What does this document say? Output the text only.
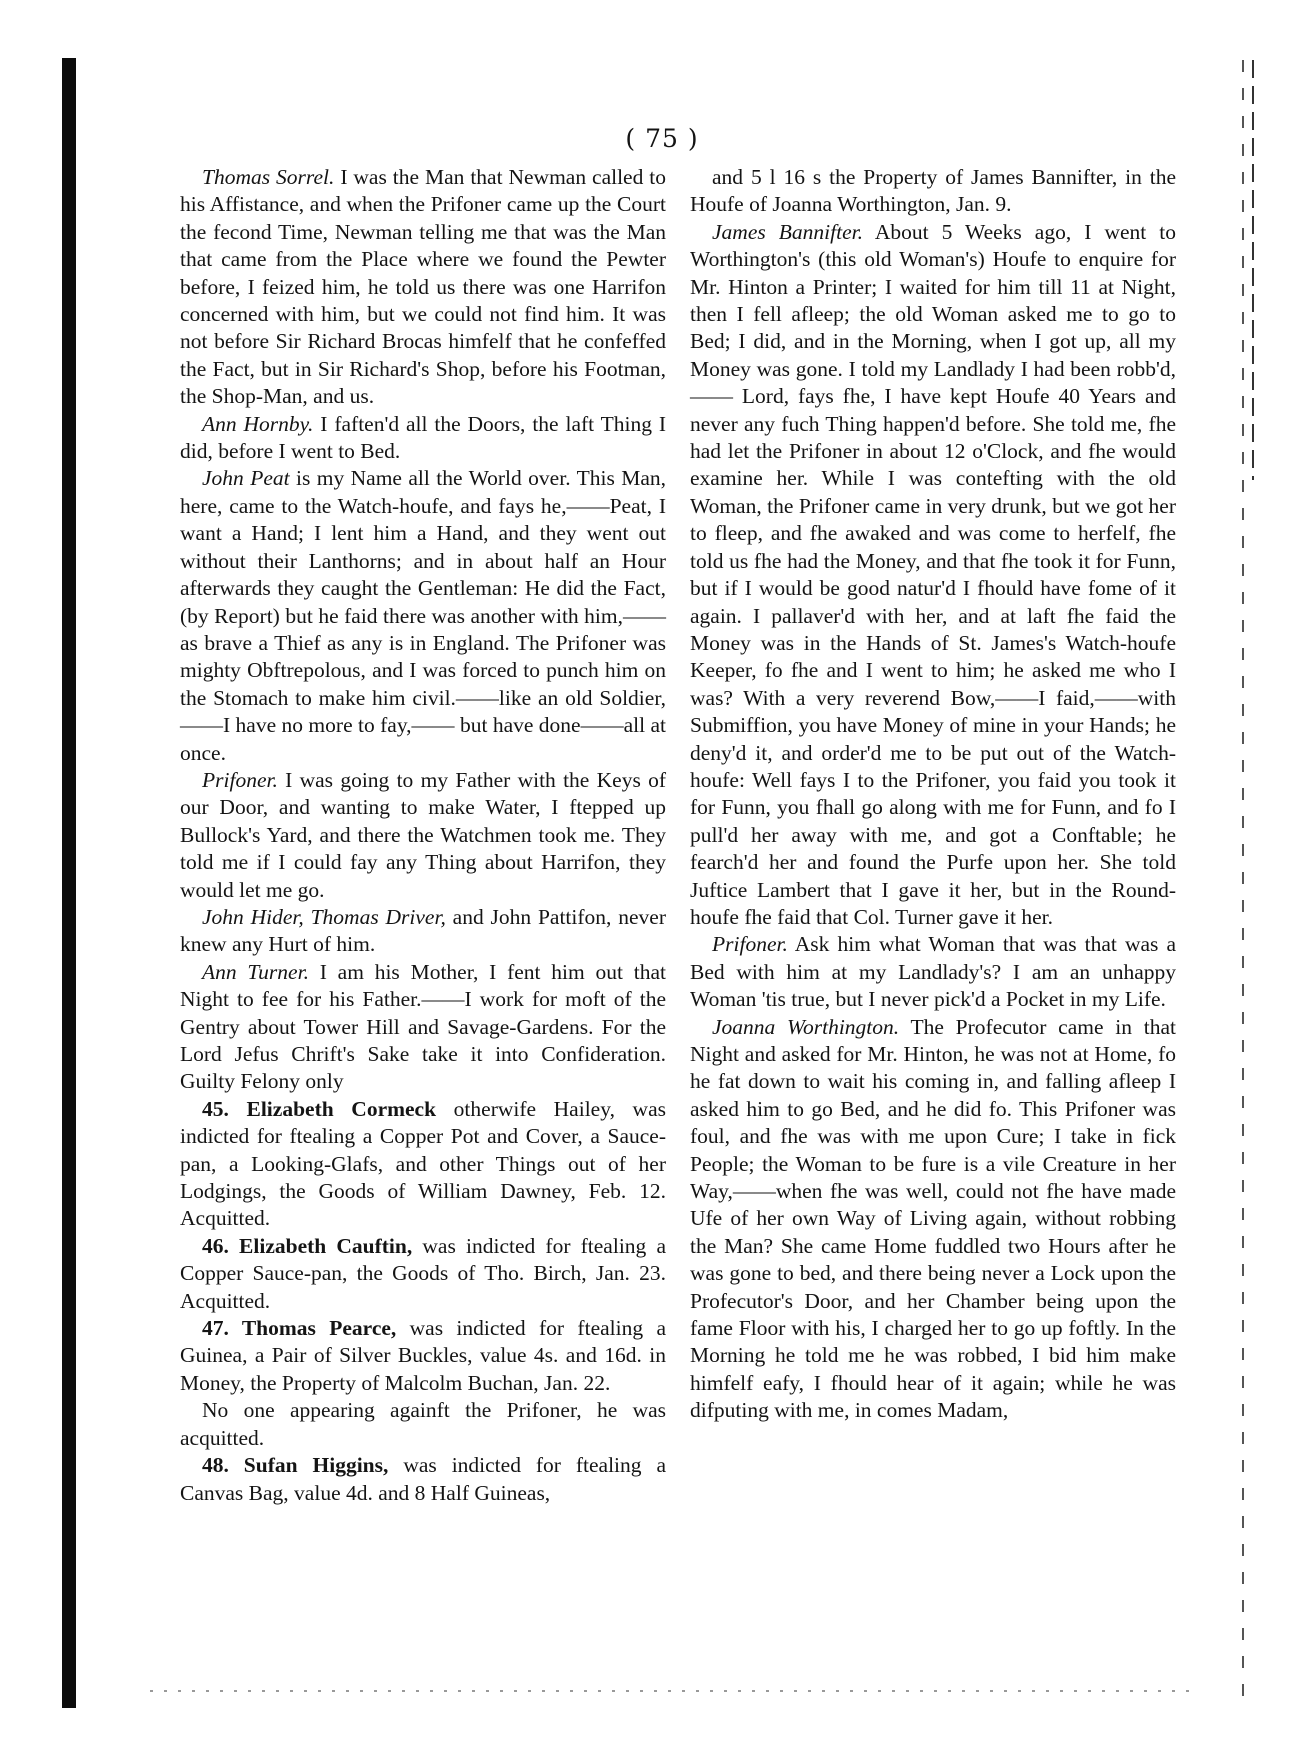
( 75 )

Thomas Sorrel. I was the Man that Newman called to his Affistance, and when the Prifoner came up the Court the fecond Time, Newman telling me that was the Man that came from the Place where we found the Pewter before, I feized him, he told us there was one Harrifon concerned with him, but we could not find him. It was not before Sir Richard Brocas himfelf that he confeffed the Fact, but in Sir Richard's Shop, before his Footman, the Shop-Man, and us.

Ann Hornby. I faften'd all the Doors, the laft Thing I did, before I went to Bed.

John Peat is my Name all the World over. This Man, here, came to the Watch-houfe, and fays he,——Peat, I want a Hand; I lent him a Hand, and they went out without their Lanthorns; and in about half an Hour afterwards they caught the Gentleman: He did the Fact, (by Report) but he faid there was another with him,——as brave a Thief as any is in England. The Prifoner was mighty Obftrepolous, and I was forced to punch him on the Stomach to make him civil.——like an old Soldier,——I have no more to fay,—— but have done——all at once.

Prifoner. I was going to my Father with the Keys of our Door, and wanting to make Water, I ftepped up Bullock's Yard, and there the Watchmen took me. They told me if I could fay any Thing about Harrifon, they would let me go.

John Hider, Thomas Driver, and John Pattifon, never knew any Hurt of him.

Ann Turner. I am his Mother, I fent him out that Night to fee for his Father.——I work for moft of the Gentry about Tower Hill and Savage-Gardens. For the Lord Jefus Chrift's Sake take it into Confideration. Guilty Felony only

45. Elizabeth Cormeck otherwife Hailey, was indicted for ftealing a Copper Pot and Cover, a Sauce-pan, a Looking-Glafs, and other Things out of her Lodgings, the Goods of William Dawney, Feb. 12. Acquitted.

46. Elizabeth Cauftin, was indicted for ftealing a Copper Sauce-pan, the Goods of Tho. Birch, Jan. 23. Acquitted.

47. Thomas Pearce, was indicted for ftealing a Guinea, a Pair of Silver Buckles, value 4s. and 16d. in Money, the Property of Malcolm Buchan, Jan. 22.

No one appearing againft the Prifoner, he was acquitted.

48. Sufan Higgins, was indicted for ftealing a Canvas Bag, value 4d. and 8 Half Guineas,

and 5 l 16 s the Property of James Bannifter, in the Houfe of Joanna Worthington, Jan. 9.

James Bannifter. About 5 Weeks ago, I went to Worthington's (this old Woman's) Houfe to enquire for Mr. Hinton a Printer; I waited for him till 11 at Night, then I fell afleep; the old Woman asked me to go to Bed; I did, and in the Morning, when I got up, all my Money was gone. I told my Landlady I had been robb'd,—— Lord, fays fhe, I have kept Houfe 40 Years and never any fuch Thing happen'd before. She told me, fhe had let the Prifoner in about 12 o'Clock, and fhe would examine her. While I was contefting with the old Woman, the Prifoner came in very drunk, but we got her to fleep, and fhe awaked and was come to herfelf, fhe told us fhe had the Money, and that fhe took it for Funn, but if I would be good natur'd I fhould have fome of it again. I pallaver'd with her, and at laft fhe faid the Money was in the Hands of St. James's Watch-houfe Keeper, fo fhe and I went to him; he asked me who I was? With a very reverend Bow,——I faid,——with Submiffion, you have Money of mine in your Hands; he deny'd it, and order'd me to be put out of the Watch-houfe: Well fays I to the Prifoner, you faid you took it for Funn, you fhall go along with me for Funn, and fo I pull'd her away with me, and got a Conftable; he fearch'd her and found the Purfe upon her. She told Juftice Lambert that I gave it her, but in the Round-houfe fhe faid that Col. Turner gave it her.

Prifoner. Ask him what Woman that was that was a Bed with him at my Landlady's? I am an unhappy Woman 'tis true, but I never pick'd a Pocket in my Life.

Joanna Worthington. The Profecutor came in that Night and asked for Mr. Hinton, he was not at Home, fo he fat down to wait his coming in, and falling afleep I asked him to go Bed, and he did fo. This Prifoner was foul, and fhe was with me upon Cure; I take in fick People; the Woman to be fure is a vile Creature in her Way,——when fhe was well, could not fhe have made Ufe of her own Way of Living again, without robbing the Man? She came Home fuddled two Hours after he was gone to bed, and there being never a Lock upon the Profecutor's Door, and her Chamber being upon the fame Floor with his, I charged her to go up foftly. In the Morning he told me he was robbed, I bid him make himfelf eafy, I fhould hear of it again; while he was difputing with me, in comes Madam,
